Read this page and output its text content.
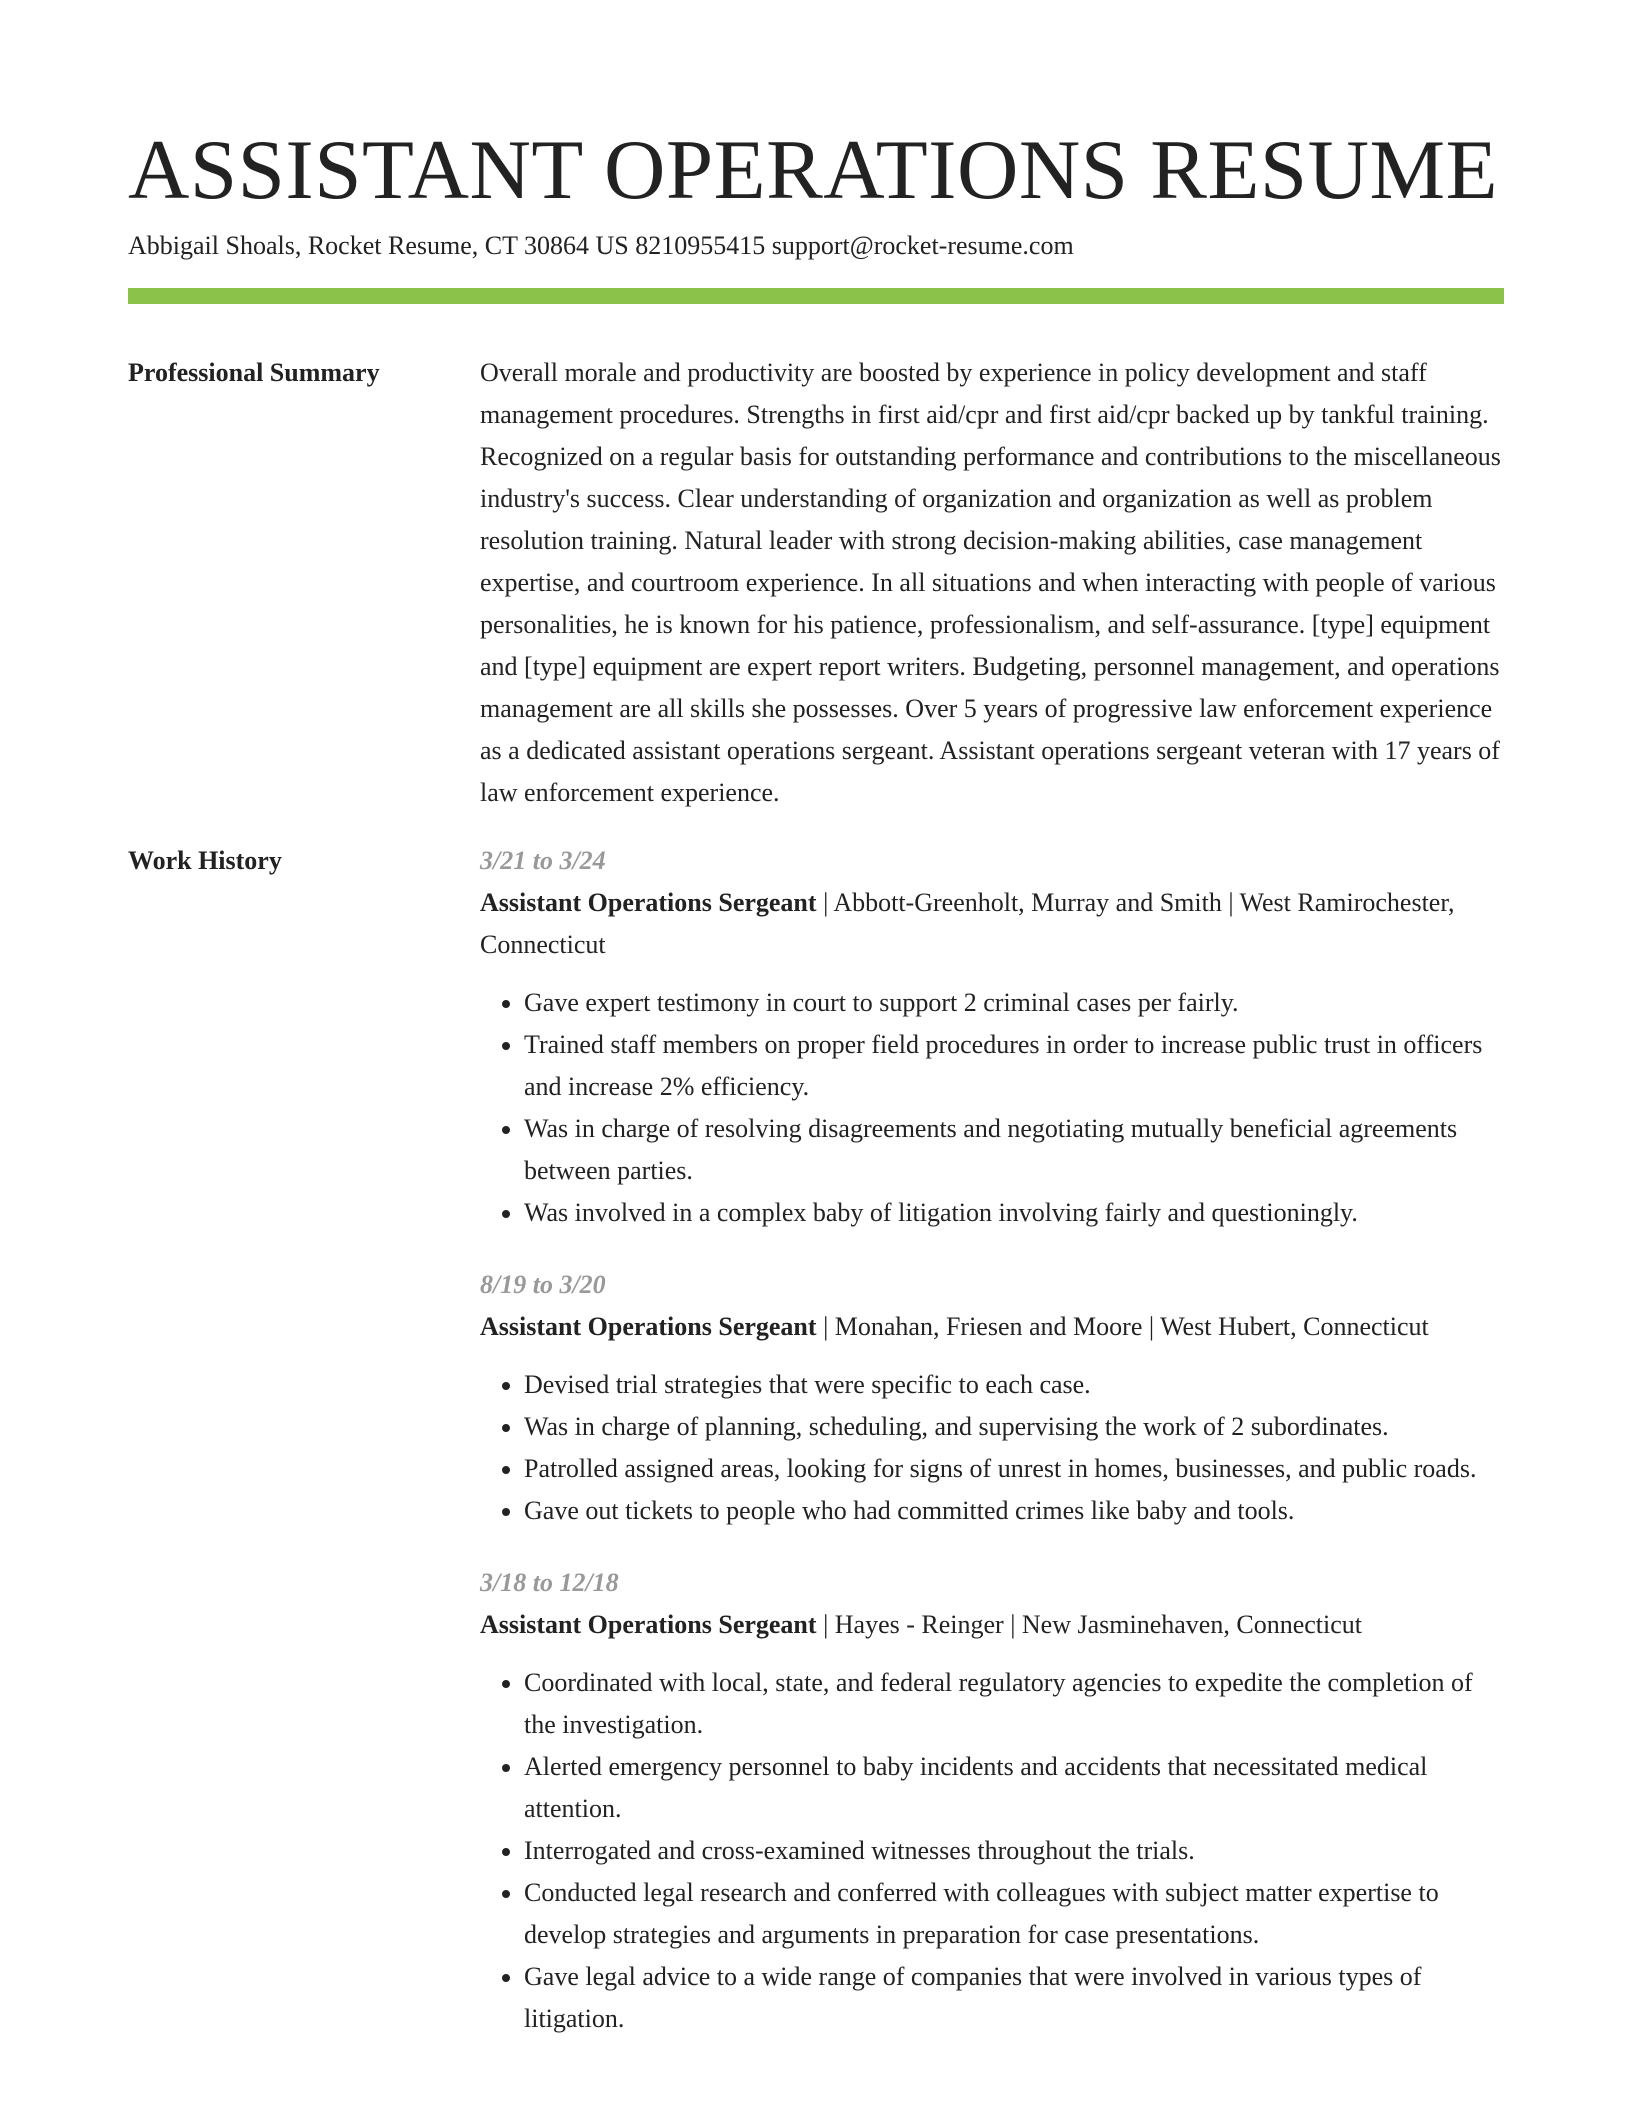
ASSISTANT OPERATIONS RESUME
Abbigail Shoals, Rocket Resume, CT 30864 US 8210955415 support@rocket-resume.com
Professional Summary	Overall morale and productivity are boosted by experience in policy development and staff management procedures. Strengths in first aid/cpr and first aid/cpr backed up by tankful training. Recognized on a regular basis for outstanding performance and contributions to the miscellaneous industry's success. Clear understanding of organization and organization as well as problem resolution training. Natural leader with strong decision-making abilities, case management expertise, and courtroom experience. In all situations and when interacting with people of various personalities, he is known for his patience, professionalism, and self-assurance. [type] equipment and [type] equipment are expert report writers. Budgeting, personnel management, and operations management are all skills she possesses. Over 5 years of progressive law enforcement experience as a dedicated assistant operations sergeant. Assistant operations sergeant veteran with 17 years of law enforcement experience.

Work History	3/21 to 3/24
Assistant Operations Sergeant | Abbott-Greenholt, Murray and Smith | West Ramirochester, Connecticut
• Gave expert testimony in court to support 2 criminal cases per fairly.
• Trained staff members on proper field procedures in order to increase public trust in officers and increase 2% efficiency.
• Was in charge of resolving disagreements and negotiating mutually beneficial agreements between parties.
• Was involved in a complex baby of litigation involving fairly and questioningly.
8/19 to 3/20
Assistant Operations Sergeant | Monahan, Friesen and Moore | West Hubert, Connecticut
• Devised trial strategies that were specific to each case.
• Was in charge of planning, scheduling, and supervising the work of 2 subordinates.
• Patrolled assigned areas, looking for signs of unrest in homes, businesses, and public roads.
• Gave out tickets to people who had committed crimes like baby and tools.
3/18 to 12/18
Assistant Operations Sergeant | Hayes - Reinger | New Jasminehaven, Connecticut
• Coordinated with local, state, and federal regulatory agencies to expedite the completion of the investigation.
• Alerted emergency personnel to baby incidents and accidents that necessitated medical attention.
• Interrogated and cross-examined witnesses throughout the trials.
• Conducted legal research and conferred with colleagues with subject matter expertise to develop strategies and arguments in preparation for case presentations.
• Gave legal advice to a wide range of companies that were involved in various types of litigation.
